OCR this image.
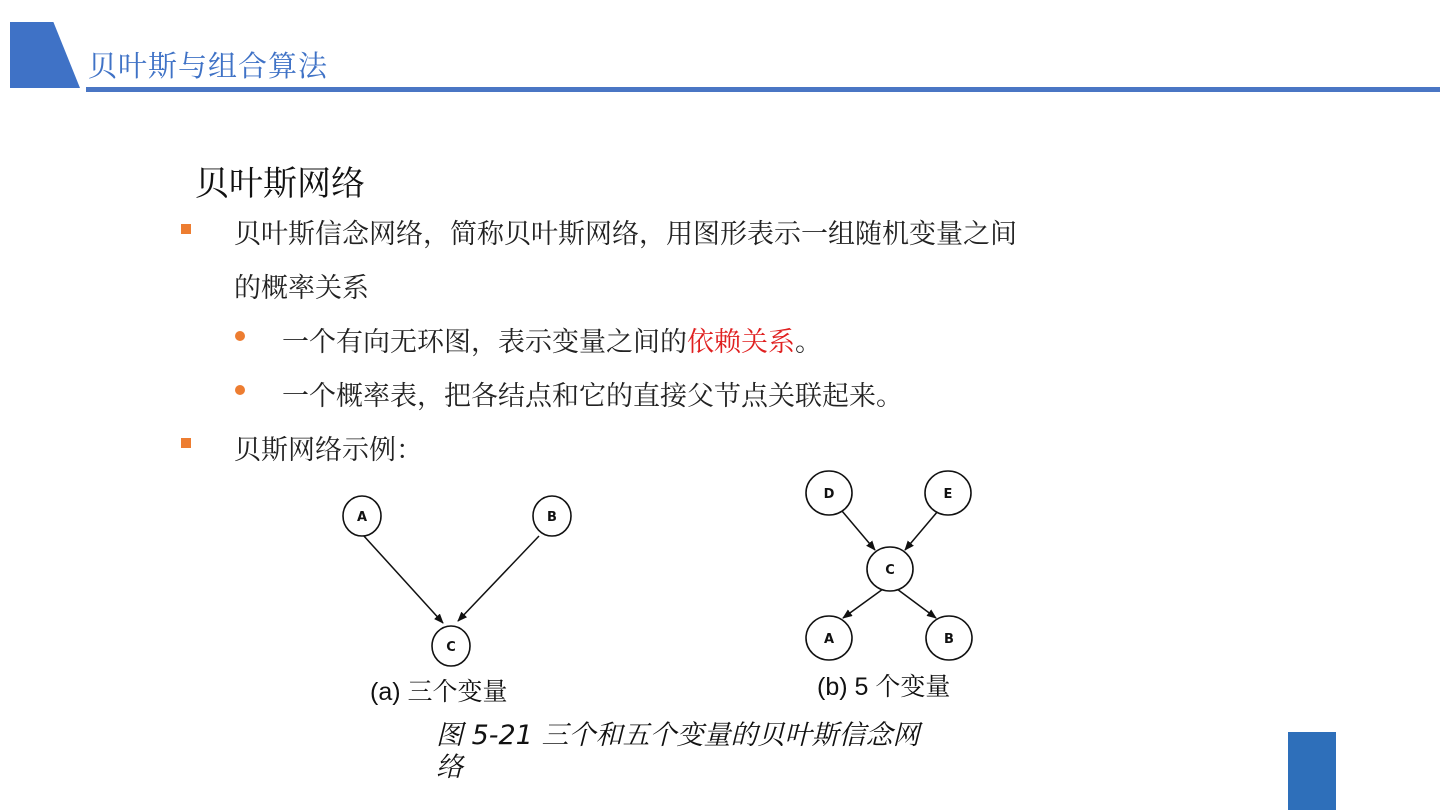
贝叶斯与组合算法
贝叶斯网络
贝叶斯信念网络，简称贝叶斯网络，用图形表示一组随机变量之间
的概率关系
一个有向无环图，表示变量之间的依赖关系。
一个概率表，把各结点和它的直接父节点关联起来。
贝斯网络示例：
A	B
C
(a) 三个变量
D	E
C
A	B
(b) 5 个变量
图 5-21 三个和五个变量的贝叶斯信念网络
